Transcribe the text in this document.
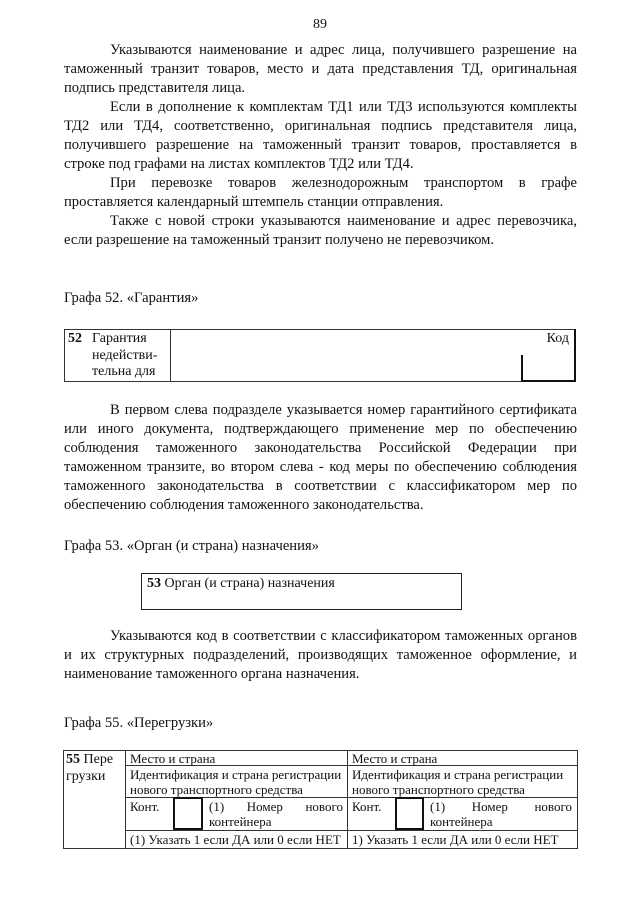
89
Указываются наименование и адрес лица, получившего разрешение на
таможенный транзит товаров, место и дата представления ТД, оригинальная
подпись представителя лица.
Если в дополнение к комплектам ТД1 или ТД3 используются комплекты
ТД2 или ТД4, соответственно, оригинальная подпись представителя лица,
получившего разрешение на таможенный транзит товаров, проставляется в
строке под графами на листах комплектов ТД2 или ТД4.
При перевозке товаров железнодорожным транспортом в графе
проставляется календарный штемпель станции отправления.
Также с новой строки указываются наименование и адрес перевозчика,
если разрешение на таможенный транзит получено не перевозчиком.
Графа 52. «Гарантия»
52 Гарантия
недействи-
тельна для
Код
В первом слева подразделе указывается номер гарантийного сертификата
или иного документа, подтверждающего применение мер по обеспечению
соблюдения таможенного законодательства Российской Федерации при
таможенном транзите, во втором слева - код меры по обеспечению соблюдения
таможенного законодательства в соответствии с классификатором мер по
обеспечению соблюдения таможенного законодательства.
Графа 53. «Орган (и страна) назначения»
53 Орган (и страна) назначения
Указываются код в соответствии с классификатором таможенных органов
и их структурных подразделений, производящих таможенное оформление, и
наименование таможенного органа назначения.
Графа 55. «Перегрузки»
55 Пере
грузки
Место и страна
Идентификация и страна регистрации
нового транспортного средства
Конт.	(1) Номер нового
контейнера
(1) Указать 1 если ДА или 0 если НЕТ
Место и страна
Идентификация и страна регистрации
нового транспортного средства
Конт.	(1) Номер нового
контейнера
1) Указать 1 если ДА или 0 если НЕТ
